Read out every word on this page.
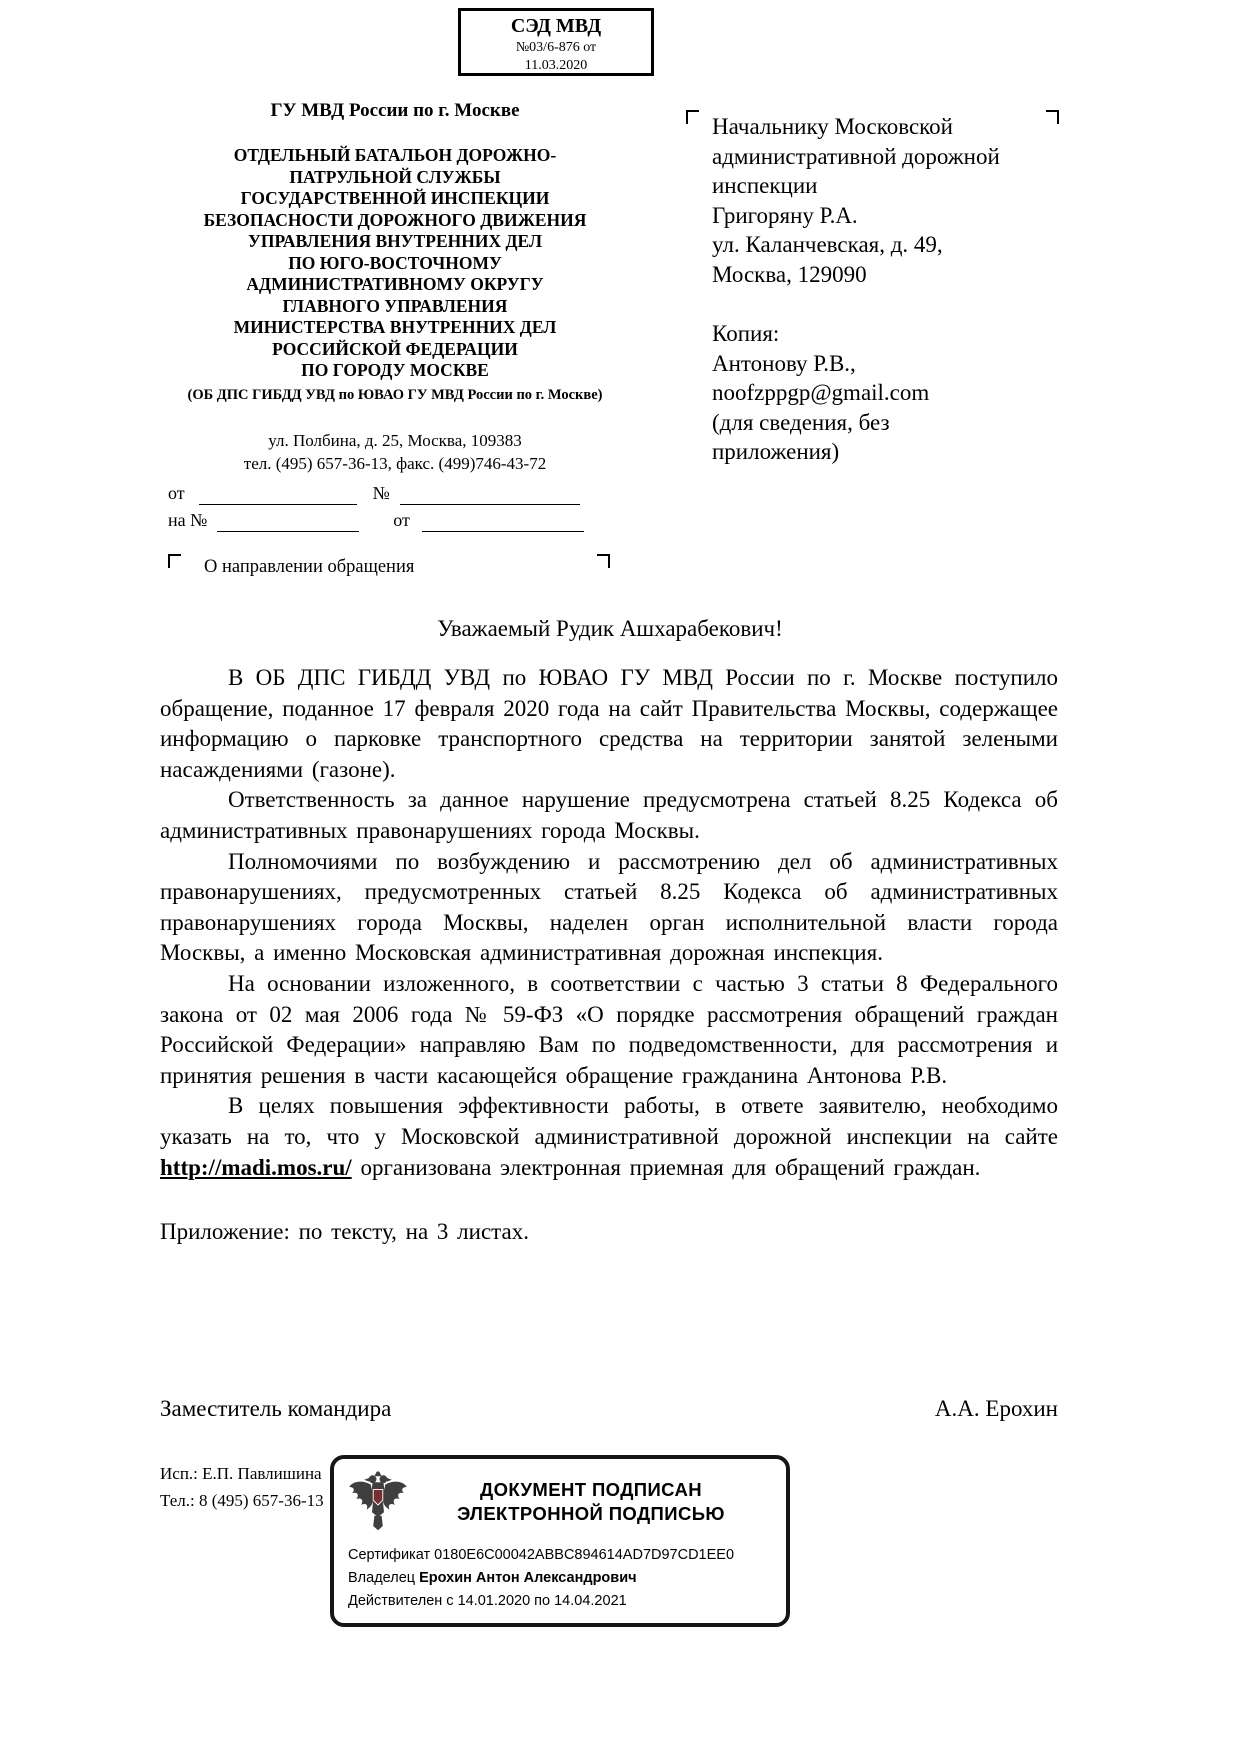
СЭД МВД
№03/6-876 от
11.03.2020
ГУ МВД России по г. Москве
ОТДЕЛЬНЫЙ БАТАЛЬОН ДОРОЖНО-
ПАТРУЛЬНОЙ СЛУЖБЫ
ГОСУДАРСТВЕННОЙ ИНСПЕКЦИИ
БЕЗОПАСНОСТИ ДОРОЖНОГО ДВИЖЕНИЯ
УПРАВЛЕНИЯ ВНУТРЕННИХ ДЕЛ
ПО ЮГО-ВОСТОЧНОМУ
АДМИНИСТРАТИВНОМУ ОКРУГУ
ГЛАВНОГО УПРАВЛЕНИЯ
МИНИСТЕРСТВА ВНУТРЕННИХ ДЕЛ
РОССИЙСКОЙ ФЕДЕРАЦИИ
ПО ГОРОДУ МОСКВЕ
(ОБ ДПС ГИБДД УВД по ЮВАО ГУ МВД России по г. Москве)
ул. Полбина, д. 25, Москва, 109383
тел. (495) 657-36-13, факс. (499)746-43-72
от	№
на №	от
О направлении обращения
Начальнику Московской
административной дорожной
инспекции
Григоряну Р.А.
ул. Каланчевская, д. 49,
Москва, 129090
Копия:
Антонову Р.В.,
noofzppgp@gmail.com
(для сведения, без
приложения)
Уважаемый Рудик Ашхарабекович!

В ОБ ДПС ГИБДД УВД по ЮВАО ГУ МВД России по г. Москве поступило обращение, поданное 17 февраля 2020 года на сайт Правительства Москвы, содержащее информацию о парковке транспортного средства на территории занятой зелеными насаждениями (газоне).

Ответственность за данное нарушение предусмотрена статьей 8.25 Кодекса об административных правонарушениях города Москвы.

Полномочиями по возбуждению и рассмотрению дел об административных правонарушениях, предусмотренных статьей 8.25 Кодекса об административных правонарушениях города Москвы, наделен орган исполнительной власти города Москвы, а именно Московская административная дорожная инспекция.

На основании изложенного, в соответствии с частью 3 статьи 8 Федерального закона от 02 мая 2006 года № 59-ФЗ «О порядке рассмотрения обращений граждан Российской Федерации» направляю Вам по подведомственности, для рассмотрения и принятия решения в части касающейся обращение гражданина Антонова Р.В.

В целях повышения эффективности работы, в ответе заявителю, необходимо указать на то, что у Московской административной дорожной инспекции на сайте http://madi.mos.ru/ организована электронная приемная для обращений граждан.

Приложение: по тексту, на 3 листах.

Заместитель командира	А.А. Ерохин
Исп.: Е.П. Павлишина
Тел.: 8 (495) 657-36-13
ДОКУМЕНТ ПОДПИСАН
ЭЛЕКТРОННОЙ ПОДПИСЬЮ
Сертификат 0180E6C00042ABBC894614AD7D97CD1EE0
Владелец Ерохин Антон Александрович
Действителен с 14.01.2020 по 14.04.2021
